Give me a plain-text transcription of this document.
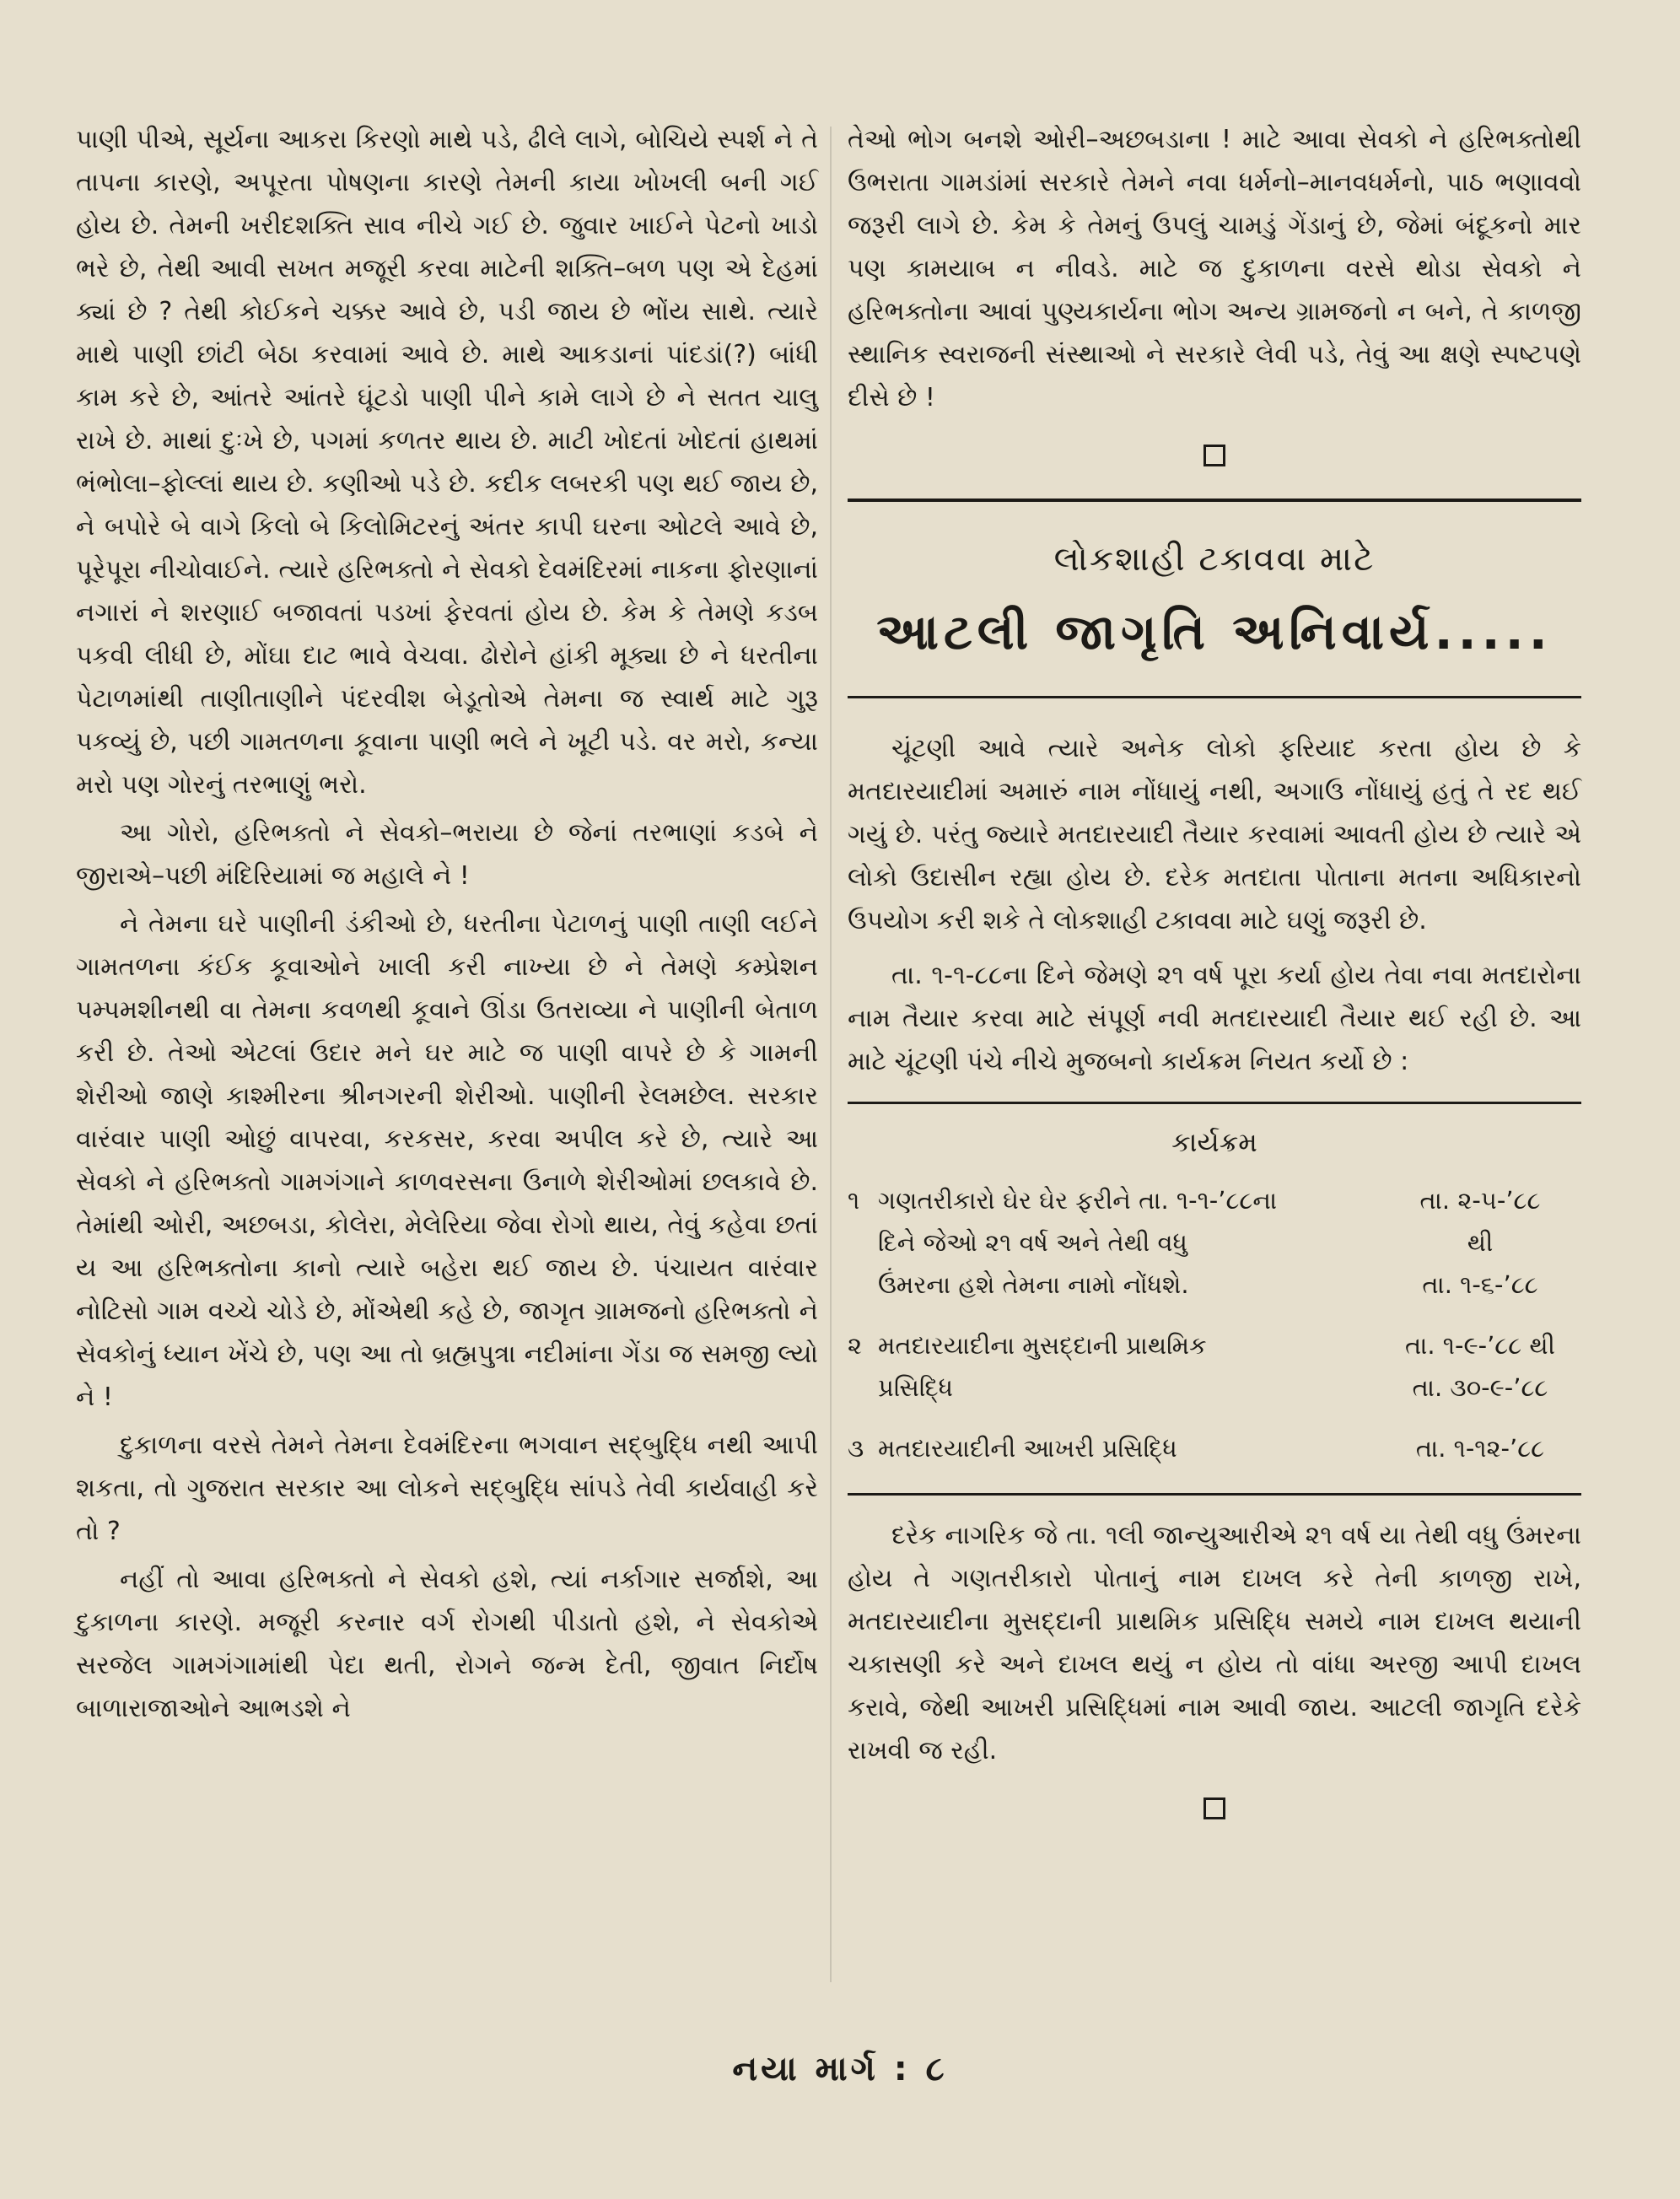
પાણી પીએ, સૂર્યના આકરા કિરણો માથે પડે, ઢીલે લાગે, બોચિયે સ્પર્શ ને તે તાપના કારણે, અપૂરતા પોષણના કારણે તેમની કાયા ખોખલી બની ગઈ હોય છે. તેમની ખરીદશક્તિ સાવ નીચે ગઈ છે. જુવાર ખાઈને પેટનો ખાડો ભરે છે, તેથી આવી સખત મજૂરી કરવા માટેની શક્તિ–બળ પણ એ દેહમાં ક્યાં છે ? તેથી કોઈકને ચક્કર આવે છે, પડી જાય છે ભોંય સાથે. ત્યારે માથે પાણી છાંટી બેઠા કરવામાં આવે છે. માથે આકડાનાં પાંદડાં(?) બાંધી કામ કરે છે, આંતરે આંતરે ઘૂંટડો પાણી પીને કામે લાગે છે ને સતત ચાલુ રાખે છે. માથાં દુઃખે છે, પગમાં કળતર થાય છે. માટી ખોદતાં ખોદતાં હાથમાં ભંભોલા–ફોલ્લાં થાય છે. કણીઓ પડે છે. કદીક લબરકી પણ થઈ જાય છે, ને બપોરે બે વાગે કિલો બે કિલોમિટરનું અંતર કાપી ઘરના ઓટલે આવે છે, પૂરેપૂરા નીચોવાઈને. ત્યારે હરિભક્તો ને સેવકો દેવમંદિરમાં નાકના ફોરણાનાં નગારાં ને શરણાઈ બજાવતાં પડખાં ફેરવતાં હોય છે. કેમ કે તેમણે કડબ પકવી લીધી છે, મોંઘા દાટ ભાવે વેચવા. ઢોરોને હાંકી મૂક્યા છે ને ધરતીના પેટાળમાંથી તાણીતાણીને પંદરવીશ બેડૂતોએ તેમના જ સ્વાર્થ માટે ગુરૂ પકવ્યું છે, પછી ગામતળના કૂવાના પાણી ભલે ને ખૂટી પડે. વર મરો, કન્યા મરો પણ ગોરનું તરભાણું ભરો.

આ ગોરો, હરિભક્તો ને સેવકો–ભરાયા છે જેનાં તરભાણાં કડબે ને જીરાએ–પછી મંદિરિયામાં જ મહાલે ને !

ને તેમના ઘરે પાણીની ડંકીઓ છે, ધરતીના પેટાળનું પાણી તાણી લઈને ગામતળના કંઈક કૂવાઓને ખાલી કરી નાખ્યા છે ને તેમણે કમ્પ્રેશન પમ્પમશીનથી વા તેમના કવળથી કૂવાને ઊંડા ઉતરાવ્યા ને પાણીની બેતાળ કરી છે. તેઓ એટલાં ઉદાર મને ઘર માટે જ પાણી વાપરે છે કે ગામની શેરીઓ જાણે કાશ્મીરના શ્રીનગરની શેરીઓ. પાણીની રેલમછેલ. સરકાર વારંવાર પાણી ઓછું વાપરવા, કરકસર, કરવા અપીલ કરે છે, ત્યારે આ સેવકો ને હરિભક્તો ગામગંગાને કાળવરસના ઉનાળે શેરીઓમાં છલકાવે છે. તેમાંથી ઓરી, અછબડા, કોલેરા, મેલેરિયા જેવા રોગો થાય, તેવું કહેવા છતાં ય આ હરિભક્તોના કાનો ત્યારે બહેરા થઈ જાય છે. પંચાયત વારંવાર નોટિસો ગામ વચ્ચે ચોડે છે, મોંએથી કહે છે, જાગૃત ગ્રામજનો હરિભક્તો ને સેવકોનું ધ્યાન ખેંચે છે, પણ આ તો બ્રહ્મપુત્રા નદીમાંના ગેંડા જ સમજી લ્યો ને !

દુકાળના વરસે તેમને તેમના દેવમંદિરના ભગવાન સદ્‌બુદ્ધિ નથી આપી શકતા, તો ગુજરાત સરકાર આ લોકને સદ્‌બુદ્ધિ સાંપડે તેવી કાર્યવાહી કરે તો ?

નહીં તો આવા હરિભક્તો ને સેવકો હશે, ત્યાં નર્કાગાર સર્જાશે, આ દુકાળના કારણે. મજૂરી કરનાર વર્ગ રોગથી પીડાતો હશે, ને સેવકોએ સરજેલ ગામગંગામાંથી પેદા થતી, રોગને જન્મ દેતી, જીવાત નિર્દોષ બાળારાજાઓને આભડશે ને

તેઓ ભોગ બનશે ઓરી–અછબડાના ! માટે આવા સેવકો ને હરિભક્તોથી ઉભરાતા ગામડાંમાં સરકારે તેમને નવા ધર્મનો–માનવધર્મનો, પાઠ ભણાવવો જરૂરી લાગે છે. કેમ કે તેમનું ઉપલું ચામડું ગેંડાનું છે, જેમાં બંદૂકનો માર પણ કામયાબ ન નીવડે. માટે જ દુકાળના વરસે થોડા સેવકો ને હરિભક્તોના આવાં પુણ્યકાર્યના ભોગ અન્ય ગ્રામજનો ન બને, તે કાળજી સ્થાનિક સ્વરાજની સંસ્થાઓ ને સરકારે લેવી પડે, તેવું આ ક્ષણે સ્પષ્ટપણે દીસે છે !

લોકશાહી ટકાવવા માટે
આટલી જાગૃતિ અનિવાર્ય.....

ચૂંટણી આવે ત્યારે અનેક લોકો ફરિયાદ કરતા હોય છે કે મતદારયાદીમાં અમારું નામ નોંધાયું નથી, અગાઉ નોંધાયું હતું તે રદ થઈ ગયું છે. પરંતુ જ્યારે મતદારયાદી તૈયાર કરવામાં આવતી હોય છે ત્યારે એ લોકો ઉદાસીન રહ્યા હોય છે. દરેક મતદાતા પોતાના મતના અધિકારનો ઉપયોગ કરી શકે તે લોકશાહી ટકાવવા માટે ઘણું જરૂરી છે.

તા. ૧-૧-૮૮ના દિને જેમણે ૨૧ વર્ષ પૂરા કર્યા હોય તેવા નવા મતદારોના નામ તૈયાર કરવા માટે સંપૂર્ણ નવી મતદારયાદી તૈયાર થઈ રહી છે. આ માટે ચૂંટણી પંચે નીચે મુજબનો કાર્યક્રમ નિયત કર્યો છે :

કાર્યક્રમ
૧	ગણતરીકારો ઘેર ઘેર ફરીને તા. ૧-૧-’૮૮ના	તા. ૨-૫-’૮૮
	દિને જેઓ ૨૧ વર્ષ અને તેથી વધુ	થી
	ઉંમરના હશે તેમના નામો નોંધશે.	તા. ૧-૬-’૮૮

૨	મતદારયાદીના મુસદ્દાની પ્રાથમિક	તા. ૧-૯-’૮૮ થી
	પ્રસિદ્ધિ	તા. ૩૦-૯-’૮૮

૩	મતદારયાદીની આખરી પ્રસિદ્ધિ	તા. ૧-૧૨-’૮૮

દરેક નાગરિક જે તા. ૧લી જાન્યુઆરીએ ૨૧ વર્ષ યા તેથી વધુ ઉંમરના હોય તે ગણતરીકારો પોતાનું નામ દાખલ કરે તેની કાળજી રાખે, મતદારયાદીના મુસદ્દાની પ્રાથમિક પ્રસિદ્ધિ સમયે નામ દાખલ થયાની ચકાસણી કરે અને દાખલ થયું ન હોય તો વાંધા અરજી આપી દાખલ કરાવે, જેથી આખરી પ્રસિદ્ધિમાં નામ આવી જાય. આટલી જાગૃતિ દરેકે રાખવી જ રહી.

નયા માર્ગ : ૮
